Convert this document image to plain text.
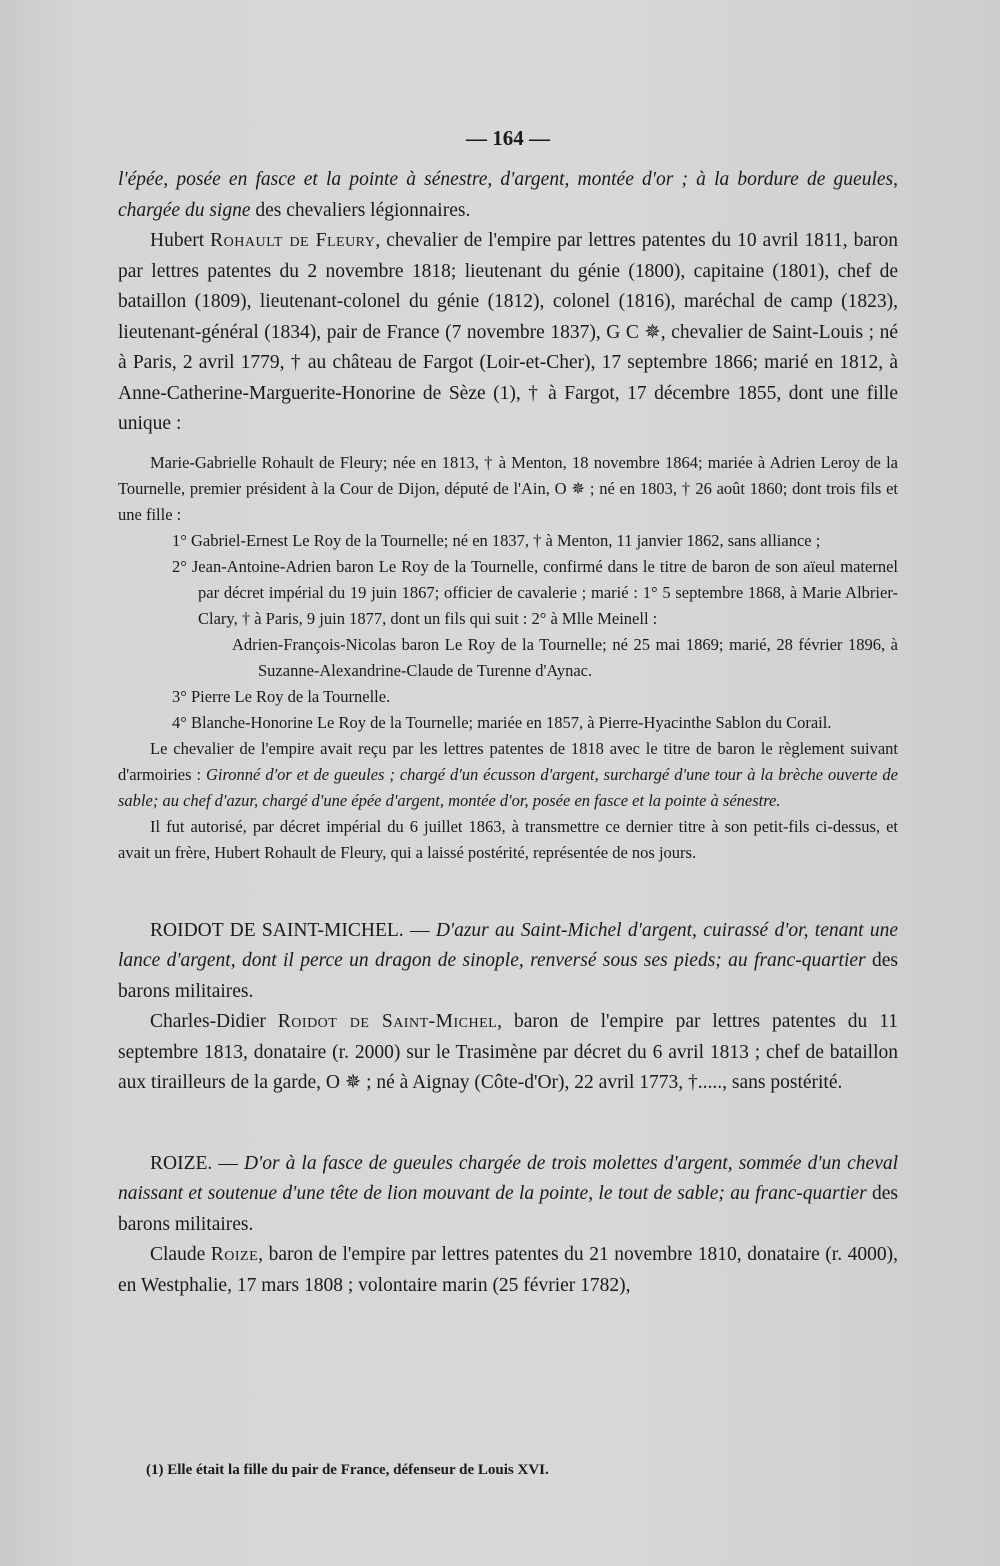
— 164 —

l'épée, posée en fasce et la pointe à sénestre, d'argent, montée d'or ; à la bordure de gueules, chargée du signe des chevaliers légionnaires.

Hubert Rohault de Fleury, chevalier de l'empire par lettres patentes du 10 avril 1811, baron par lettres patentes du 2 novembre 1818; lieutenant du génie (1800), capitaine (1801), chef de bataillon (1809), lieutenant-colonel du génie (1812), colonel (1816), maréchal de camp (1823), lieutenant-général (1834), pair de France (7 novembre 1837), G C ✵, chevalier de Saint-Louis ; né à Paris, 2 avril 1779, † au château de Fargot (Loir-et-Cher), 17 septembre 1866; marié en 1812, à Anne-Catherine-Marguerite-Honorine de Sèze (1), † à Fargot, 17 décembre 1855, dont une fille unique :

Marie-Gabrielle Rohault de Fleury; née en 1813, † à Menton, 18 novembre 1864; mariée à Adrien Leroy de la Tournelle, premier président à la Cour de Dijon, député de l'Ain, O ✵ ; né en 1803, † 26 août 1860; dont trois fils et une fille :

1° Gabriel-Ernest Le Roy de la Tournelle; né en 1837, † à Menton, 11 janvier 1862, sans alliance ;

2° Jean-Antoine-Adrien baron Le Roy de la Tournelle, confirmé dans le titre de baron de son aïeul maternel par décret impérial du 19 juin 1867; officier de cavalerie ; marié : 1° 5 septembre 1868, à Marie Albrier-Clary, † à Paris, 9 juin 1877, dont un fils qui suit : 2° à Mlle Meinell :

Adrien-François-Nicolas baron Le Roy de la Tournelle; né 25 mai 1869; marié, 28 février 1896, à Suzanne-Alexandrine-Claude de Turenne d'Aynac.

3° Pierre Le Roy de la Tournelle.

4° Blanche-Honorine Le Roy de la Tournelle; mariée en 1857, à Pierre-Hyacinthe Sablon du Corail.

Le chevalier de l'empire avait reçu par les lettres patentes de 1818 avec le titre de baron le règlement suivant d'armoiries : Gironné d'or et de gueules ; chargé d'un écusson d'argent, surchargé d'une tour à la brèche ouverte de sable; au chef d'azur, chargé d'une épée d'argent, montée d'or, posée en fasce et la pointe à sénestre.

Il fut autorisé, par décret impérial du 6 juillet 1863, à transmettre ce dernier titre à son petit-fils ci-dessus, et avait un frère, Hubert Rohault de Fleury, qui a laissé postérité, représentée de nos jours.

ROIDOT DE SAINT-MICHEL. — D'azur au Saint-Michel d'argent, cuirassé d'or, tenant une lance d'argent, dont il perce un dragon de sinople, renversé sous ses pieds; au franc-quartier des barons militaires.

Charles-Didier Roidot de Saint-Michel, baron de l'empire par lettres patentes du 11 septembre 1813, donataire (r. 2000) sur le Trasimène par décret du 6 avril 1813 ; chef de bataillon aux tirailleurs de la garde, O ✵ ; né à Aignay (Côte-d'Or), 22 avril 1773, †....., sans postérité.

ROIZE. — D'or à la fasce de gueules chargée de trois molettes d'argent, sommée d'un cheval naissant et soutenue d'une tête de lion mouvant de la pointe, le tout de sable; au franc-quartier des barons militaires.

Claude Roize, baron de l'empire par lettres patentes du 21 novembre 1810, donataire (r. 4000), en Westphalie, 17 mars 1808 ; volontaire marin (25 février 1782),

(1) Elle était la fille du pair de France, défenseur de Louis XVI.
